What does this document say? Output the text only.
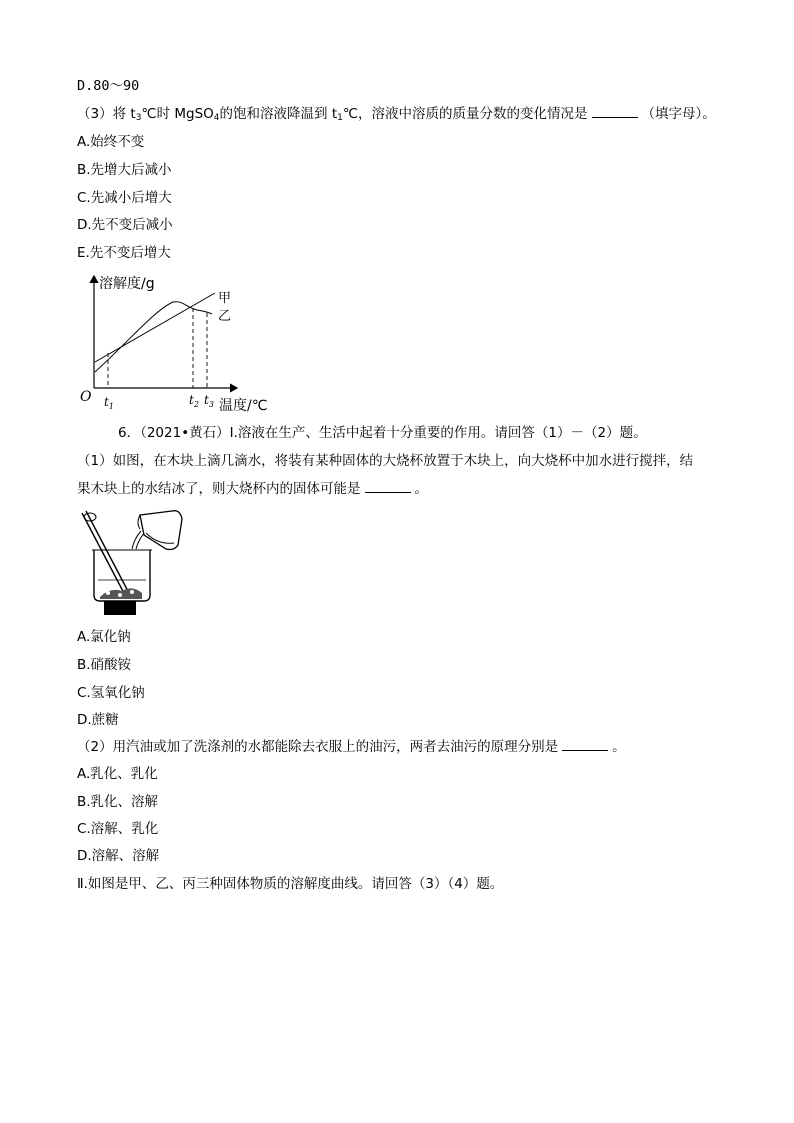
D.80～90
（3）将 $t_3℃$时 MgSO$_4$的饱和溶液降温到 $t_1℃$，溶液中溶质的质量分数的变化情况是	（填字母）。
A.始终不变
B.先增大后减小
C.先减小后增大
D.先不变后减小
E.先不变后增大
溶解度/g
甲
乙
O $t_1$	$t_2$ $t_3$ 温度/℃
6．（2021•黄石）Ⅰ.溶液在生产、生活中起着十分重要的作用。请回答（1）－（2）题。
（1）如图，在木块上滴几滴水，将装有某种固体的大烧杯放置于木块上，向大烧杯中加水进行搅拌，结
果木块上的水结冰了，则大烧杯内的固体可能是	。
A.氯化钠
B.硝酸铵
C.氢氧化钠
D.蔗糖
（2）用汽油或加了洗涤剂的水都能除去衣服上的油污，两者去油污的原理分别是	。
A.乳化、乳化
B.乳化、溶解
C.溶解、乳化
D.溶解、溶解
Ⅱ.如图是甲、乙、丙三种固体物质的溶解度曲线。请回答（3）（4）题。
